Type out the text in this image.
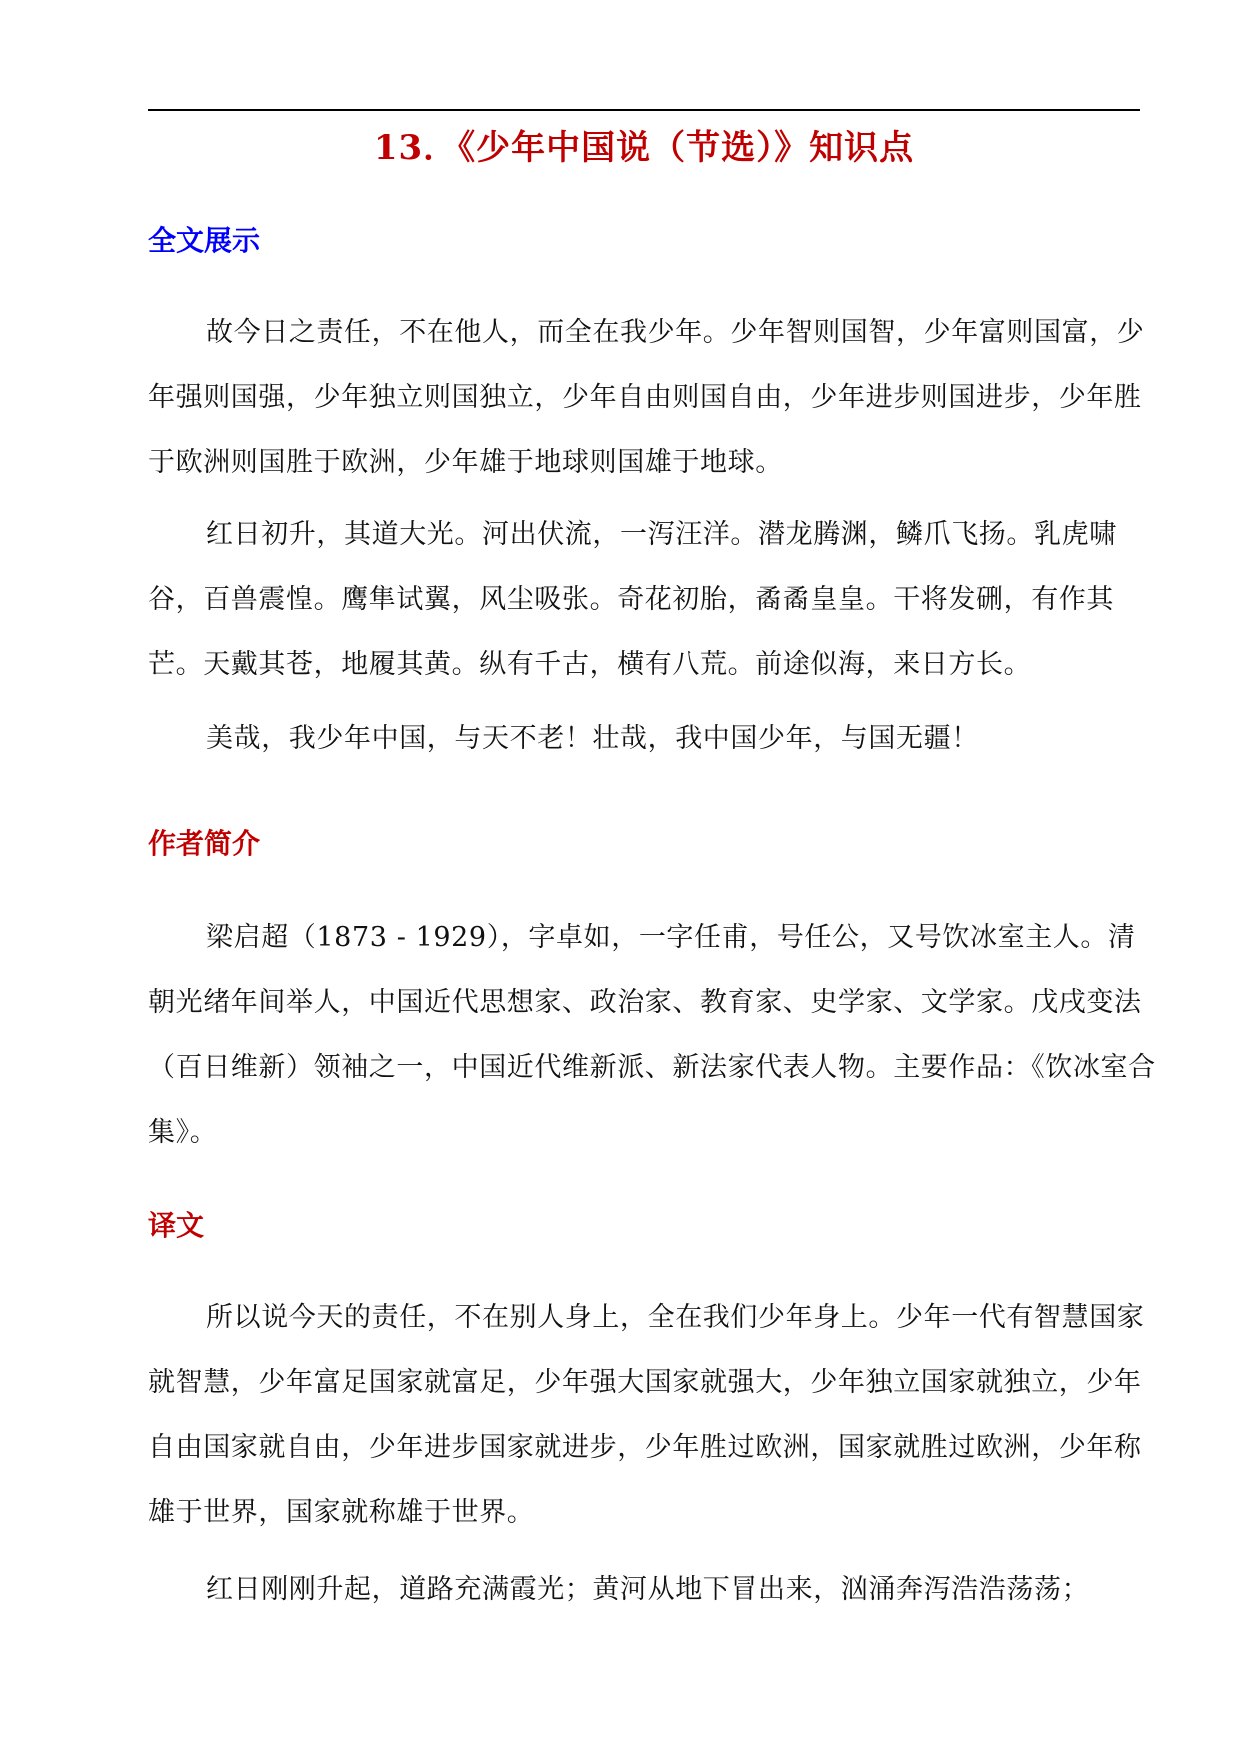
13．《少年中国说（节选）》知识点
全文展示

故今日之责任，不在他人，而全在我少年。少年智则国智，少年富则国富，少年强则国强，少年独立则国独立，少年自由则国自由，少年进步则国进步，少年胜于欧洲则国胜于欧洲，少年雄于地球则国雄于地球。

红日初升，其道大光。河出伏流，一泻汪洋。潜龙腾渊，鳞爪飞扬。乳虎啸谷，百兽震惶。鹰隼试翼，风尘吸张。奇花初胎，矞矞皇皇。干将发硎，有作其芒。天戴其苍，地履其黄。纵有千古，横有八荒。前途似海，来日方长。

美哉，我少年中国，与天不老！壮哉，我中国少年，与国无疆！

作者简介

梁启超（1873 - 1929），字卓如，一字任甫，号任公，又号饮冰室主人。清朝光绪年间举人，中国近代思想家、政治家、教育家、史学家、文学家。戊戌变法（百日维新）领袖之一，中国近代维新派、新法家代表人物。主要作品：《饮冰室合集》。

译文

所以说今天的责任，不在别人身上，全在我们少年身上。少年一代有智慧国家就智慧，少年富足国家就富足，少年强大国家就强大，少年独立国家就独立，少年自由国家就自由，少年进步国家就进步，少年胜过欧洲，国家就胜过欧洲，少年称雄于世界，国家就称雄于世界。

红日刚刚升起，道路充满霞光；黄河从地下冒出来，汹涌奔泻浩浩荡荡；
